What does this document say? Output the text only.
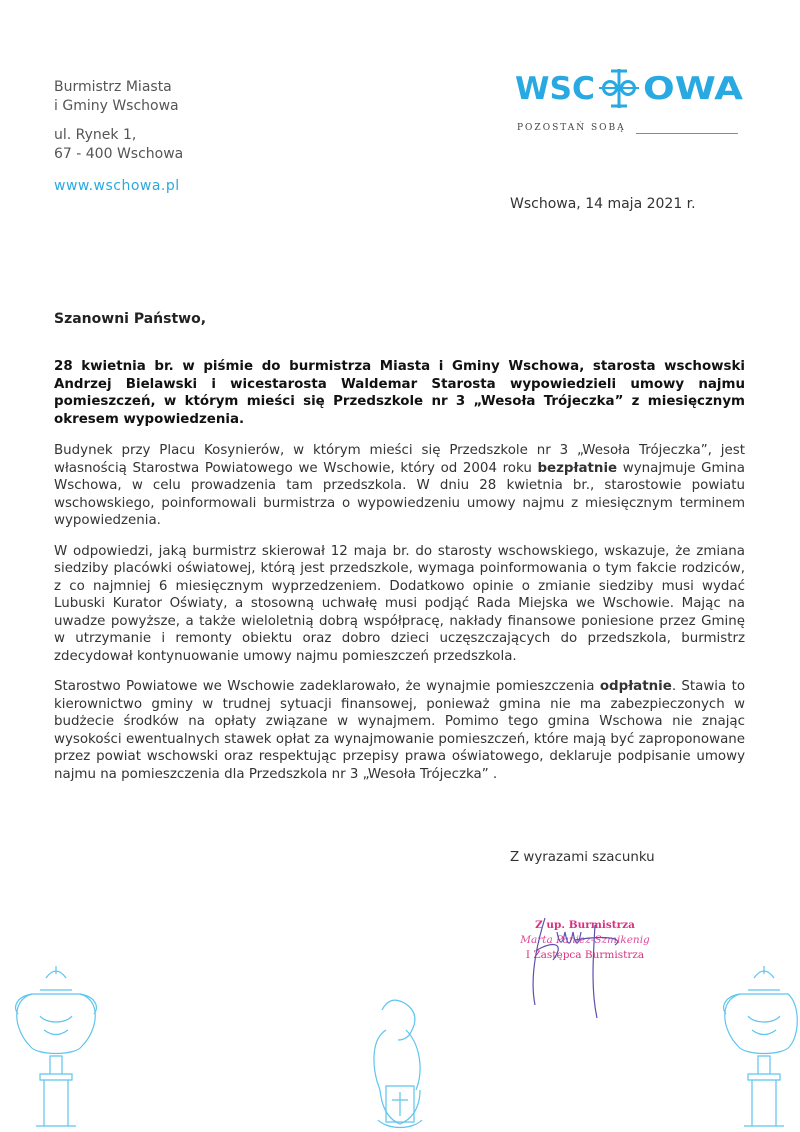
Burmistrz Miasta
i Gminy Wschowa
ul. Rynek 1,
67 - 400 Wschowa
www.wschowa.pl
WSC OWA
POZOSTAŃ SOBĄ
Wschowa, 14 maja 2021 r.
Szanowni Państwo,

28 kwietnia br. w piśmie do burmistrza Miasta i Gminy Wschowa, starosta wschowski Andrzej Bielawski i wicestarosta Waldemar Starosta wypowiedzieli umowy najmu pomieszczeń, w którym mieści się Przedszkole nr 3 „Wesoła Trójeczka” z miesięcznym okresem wypowiedzenia.

Budynek przy Placu Kosynierów, w którym mieści się Przedszkole nr 3 „Wesoła Trójeczka”, jest własnością Starostwa Powiatowego we Wschowie, który od 2004 roku bezpłatnie wynajmuje Gmina Wschowa, w celu prowadzenia tam przedszkola. W dniu 28 kwietnia br., starostowie powiatu wschowskiego, poinformowali burmistrza o wypowiedzeniu umowy najmu z miesięcznym terminem wypowiedzenia.

W odpowiedzi, jaką burmistrz skierował 12 maja br. do starosty wschowskiego, wskazuje, że zmiana siedziby placówki oświatowej, którą jest przedszkole, wymaga poinformowania o tym fakcie rodziców, z co najmniej 6 miesięcznym wyprzedzeniem. Dodatkowo opinie o zmianie siedziby musi wydać Lubuski Kurator Oświaty, a stosowną uchwałę musi podjąć Rada Miejska we Wschowie. Mając na uwadze powyższe, a także wieloletnią dobrą współpracę, nakłady finansowe poniesione przez Gminę w utrzymanie i remonty obiektu oraz dobro dzieci uczęszczających do przedszkola, burmistrz zdecydował kontynuowanie umowy najmu pomieszczeń przedszkola.

Starostwo Powiatowe we Wschowie zadeklarowało, że wynajmie pomieszczenia odpłatnie. Stawia to kierownictwo gminy w trudnej sytuacji finansowej, ponieważ gmina nie ma zabezpieczonych w budżecie środków na opłaty związane w wynajmem. Pomimo tego gmina Wschowa nie znając wysokości ewentualnych stawek opłat za wynajmowanie pomieszczeń, które mają być zaproponowane przez powiat wschowski oraz respektując przepisy prawa oświatowego, deklaruje podpisanie umowy najmu na pomieszczenia dla Przedszkola nr 3 „Wesoła Trójeczka” .

Z wyrazami szacunku
Z up. Burmistrza
Marta Paniez-Szmikenig
I Zastępca Burmistrza
